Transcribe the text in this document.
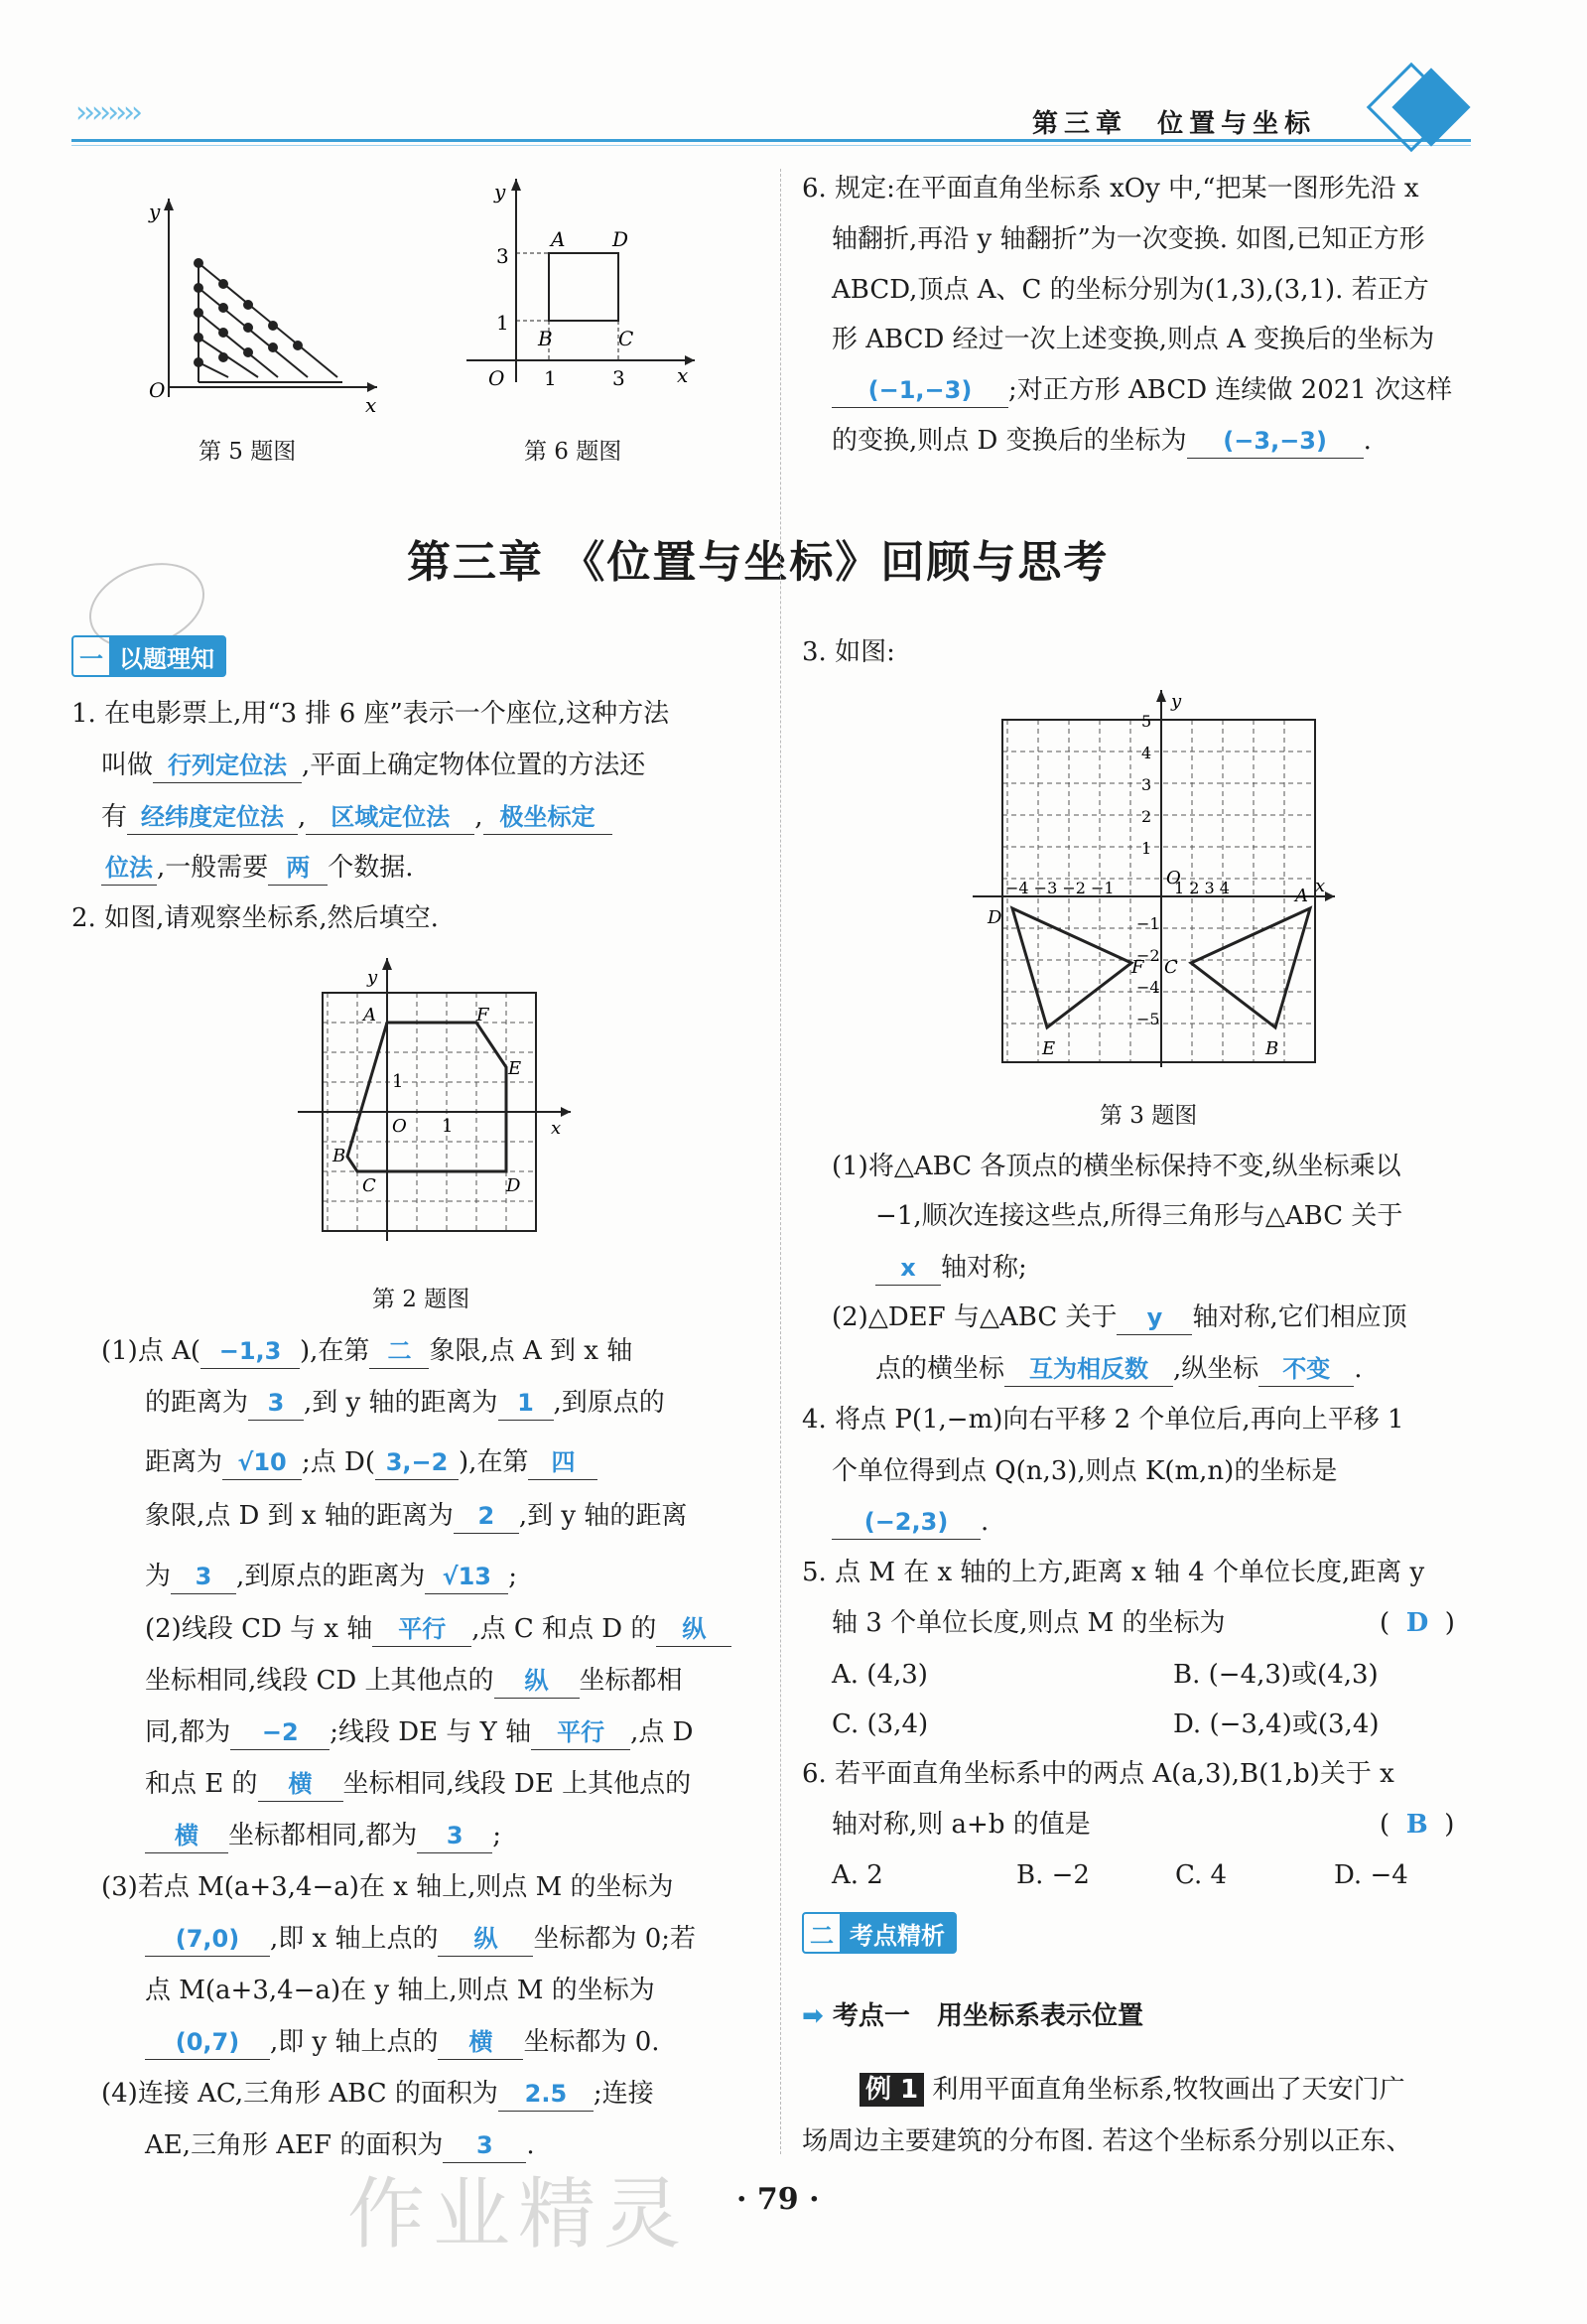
››››››››	第三章 位置与坐标
O
x
y
第 5 题图
y
3
1
A D
B	C
O 1	3	x
第 6 题图
6. 规定:在平面直角坐标系 xOy 中,“把某一图形先沿 x
轴翻折,再沿 y 轴翻折”为一次变换. 如图,已知正方形
ABCD,顶点 A、C 的坐标分别为(1,3),(3,1). 若正方
形 ABCD 经过一次上述变换,则点 A 变换后的坐标为
(−1,−3) ;对正方形 ABCD 连续做 2021 次这样
的变换,则点 D 变换后的坐标为 (−3,−3) .
第三章 《位置与坐标》回顾与思考
一 以题理知
1. 在电影票上,用“3 排 6 座”表示一个座位,这种方法
叫做 行列定位法 ,平面上确定物体位置的方法还
有 经纬度定位法 , 区域定位法 , 极坐标定
位法 ,一般需要 两 个数据.
2. 如图,请观察坐标系,然后填空.
y
A	F
E
B
C	D
O
1
1	x
第 2 题图
(1)点 A( −1,3 ),在第 二 象限,点 A 到 x 轴
的距离为 3 ,到 y 轴的距离为 1 ,到原点的
距离为 √10 ;点 D( 3,−2 ),在第 四
象限,点 D 到 x 轴的距离为 2 ,到 y 轴的距离
为 3 ,到原点的距离为 √13 ;
(2)线段 CD 与 x 轴 平行 ,点 C 和点 D 的 纵
坐标相同,线段 CD 上其他点的 纵 坐标都相
同,都为 −2 ;线段 DE 与 Y 轴 平行 ,点 D
和点 E 的 横 坐标相同,线段 DE 上其他点的
横 坐标都相同,都为 3 ;
(3)若点 M(a+3,4−a)在 x 轴上,则点 M 的坐标为
(7,0) ,即 x 轴上点的 纵 坐标都为 0;若
点 M(a+3,4−a)在 y 轴上,则点 M 的坐标为
(0,7) ,即 y 轴上点的 横 坐标都为 0.
(4)连接 AC,三角形 ABC 的面积为 2.5 ;连接
AE,三角形 AEF 的面积为 3 .
3. 如图:
y
5
4
3
2
1
O
−4 −3 −2 −1	1 2 3 4	x
D
A
F C
E	B
−1
−2
−4
−5
第 3 题图
(1)将△ABC 各顶点的横坐标保持不变,纵坐标乘以
−1,顺次连接这些点,所得三角形与△ABC 关于
x 轴对称;
(2)△DEF 与△ABC 关于 y 轴对称,它们相应顶
点的横坐标 互为相反数 ,纵坐标 不变 .
4. 将点 P(1,−m)向右平移 2 个单位后,再向上平移 1
个单位得到点 Q(n,3),则点 K(m,n)的坐标是
(−2,3) .
5. 点 M 在 x 轴的上方,距离 x 轴 4 个单位长度,距离 y
轴 3 个单位长度,则点 M 的坐标为	( D )
A. (4,3)	B. (−4,3)或(4,3)
C. (3,4)	D. (−3,4)或(3,4)
6. 若平面直角坐标系中的两点 A(a,3),B(1,b)关于 x
轴对称,则 a+b 的值是	( B )
A. 2	B. −2	C. 4	D. −4
二 考点精析
➡ 考点一 用坐标系表示位置
例 1 利用平面直角坐标系,牧牧画出了天安门广
场周边主要建筑的分布图. 若这个坐标系分别以正东、
· 79 ·
作业精灵
